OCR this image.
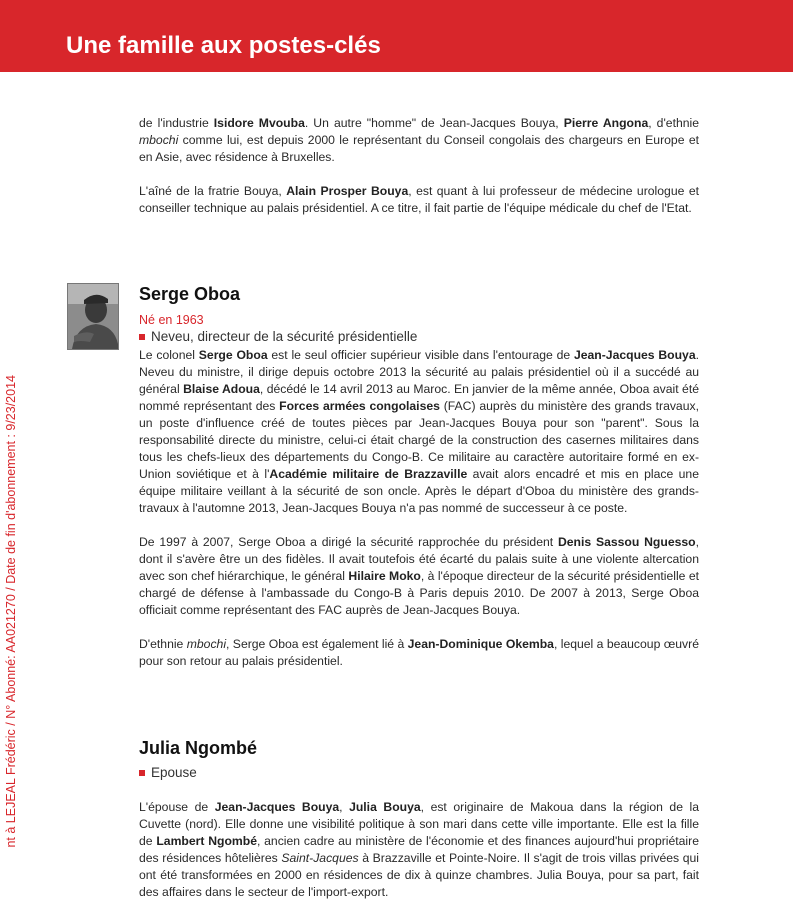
Une famille aux postes-clés
nt à LEJEAL Frédéric / N° Abonné: AA021270 / Date de fin d'abonnement : 9/23/2014

de l'industrie Isidore Mvouba. Un autre "homme" de Jean-Jacques Bouya, Pierre Angona, d'ethnie mbochi comme lui, est depuis 2000 le représentant du Conseil congolais des chargeurs en Europe et en Asie, avec résidence à Bruxelles.

L'aîné de la fratrie Bouya, Alain Prosper Bouya, est quant à lui professeur de médecine urologue et conseiller technique au palais présidentiel. A ce titre, il fait partie de l'équipe médicale du chef de l'Etat.

Serge Oboa
Né en 1963
Neveu, directeur de la sécurité présidentielle

Le colonel Serge Oboa est le seul officier supérieur visible dans l'entourage de Jean-Jacques Bouya. Neveu du ministre, il dirige depuis octobre 2013 la sécurité au palais présidentiel où il a succédé au général Blaise Adoua, décédé le 14 avril 2013 au Maroc. En janvier de la même année, Oboa avait été nommé représentant des Forces armées congolaises (FAC) auprès du ministère des grands travaux, un poste d'influence créé de toutes pièces par Jean-Jacques Bouya pour son "parent". Sous la responsabilité directe du ministre, celui-ci était chargé de la construction des casernes militaires dans tous les chefs-lieux des départements du Congo-B. Ce militaire au caractère autoritaire formé en ex-Union soviétique et à l'Académie militaire de Brazzaville avait alors encadré et mis en place une équipe militaire veillant à la sécurité de son oncle. Après le départ d'Oboa du ministère des grands-travaux à l'automne 2013, Jean-Jacques Bouya n'a pas nommé de successeur à ce poste.

De 1997 à 2007, Serge Oboa a dirigé la sécurité rapprochée du président Denis Sassou Nguesso, dont il s'avère être un des fidèles. Il avait toutefois été écarté du palais suite à une violente altercation avec son chef hiérarchique, le général Hilaire Moko, à l'époque directeur de la sécurité présidentielle et chargé de défense à l'ambassade du Congo-B à Paris depuis 2010. De 2007 à 2013, Serge Oboa officiait comme représentant des FAC auprès de Jean-Jacques Bouya.

D'ethnie mbochi, Serge Oboa est également lié à Jean-Dominique Okemba, lequel a beaucoup œuvré pour son retour au palais présidentiel.

Julia Ngombé
Epouse

L'épouse de Jean-Jacques Bouya, Julia Bouya, est originaire de Makoua dans la région de la Cuvette (nord). Elle donne une visibilité politique à son mari dans cette ville importante. Elle est la fille de Lambert Ngombé, ancien cadre au ministère de l'économie et des finances aujourd'hui propriétaire des résidences hôtelières Saint-Jacques à Brazzaville et Pointe-Noire. Il s'agit de trois villas privées qui ont été transformées en 2000 en résidences de dix à quinze chambres. Julia Bouya, pour sa part, fait des affaires dans le secteur de l'import-export.
